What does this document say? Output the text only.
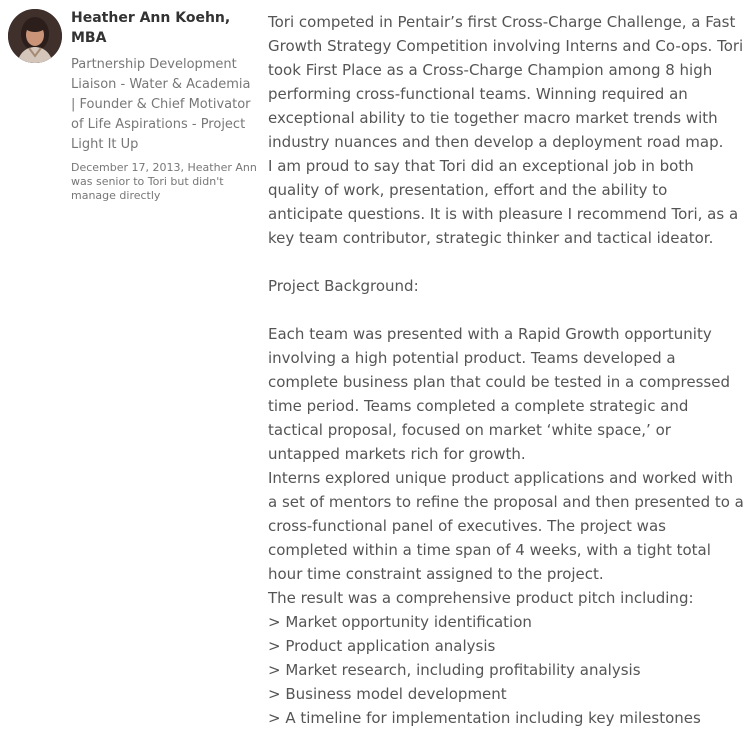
Heather Ann Koehn, MBA
Partnership Development Liaison - Water & Academia | Founder & Chief Motivator of Life Aspirations - Project Light It Up
December 17, 2013, Heather Ann was senior to Tori but didn't manage directly

Tori competed in Pentair’s first Cross-Charge Challenge, a Fast Growth Strategy Competition involving Interns and Co-ops. Tori took First Place as a Cross-Charge Champion among 8 high performing cross-functional teams. Winning required an exceptional ability to tie together macro market trends with industry nuances and then develop a deployment road map.
I am proud to say that Tori did an exceptional job in both quality of work, presentation, effort and the ability to anticipate questions. It is with pleasure I recommend Tori, as a key team contributor, strategic thinker and tactical ideator.

Project Background:

Each team was presented with a Rapid Growth opportunity involving a high potential product. Teams developed a complete business plan that could be tested in a compressed time period. Teams completed a complete strategic and tactical proposal, focused on market ‘white space,’ or untapped markets rich for growth.
Interns explored unique product applications and worked with a set of mentors to refine the proposal and then presented to a cross-functional panel of executives. The project was completed within a time span of 4 weeks, with a tight total hour time constraint assigned to the project.
The result was a comprehensive product pitch including:
> Market opportunity identification
> Product application analysis
> Market research, including profitability analysis
> Business model development
> A timeline for implementation including key milestones
